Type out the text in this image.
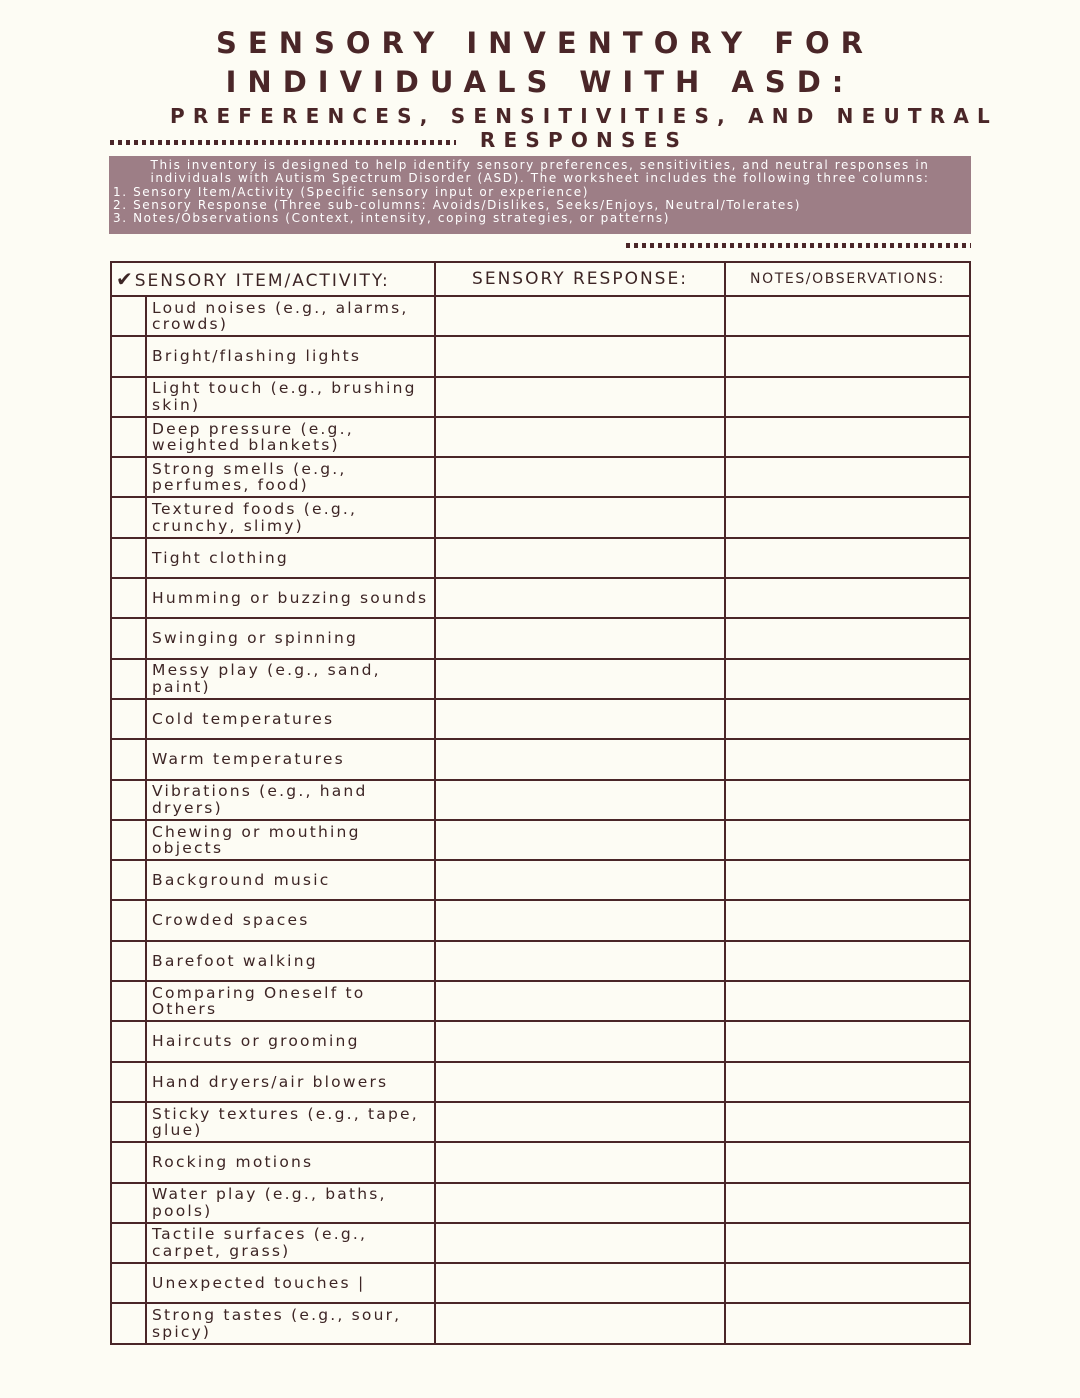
SENSORY INVENTORY FOR
INDIVIDUALS WITH ASD:
PREFERENCES, SENSITIVITIES, AND NEUTRAL RESPONSES
This inventory is designed to help identify sensory preferences, sensitivities, and neutral responses in
individuals with Autism Spectrum Disorder (ASD). The worksheet includes the following three columns:
1. Sensory Item/Activity (Specific sensory input or experience)
2. Sensory Response (Three sub-columns: Avoids/Dislikes, Seeks/Enjoys, Neutral/Tolerates)
3. Notes/Observations (Context, intensity, coping strategies, or patterns)
✔SENSORY ITEM/ACTIVITY:		SENSORY RESPONSE:	NOTES/OBSERVATIONS:
	Loud noises (e.g., alarms, crowds)		
	Bright/flashing lights		
	Light touch (e.g., brushing skin)		
	Deep pressure (e.g., weighted blankets)		
	Strong smells (e.g., perfumes, food)		
	Textured foods (e.g., crunchy, slimy)		
	Tight clothing		
	Humming or buzzing sounds		
	Swinging or spinning		
	Messy play (e.g., sand, paint)		
	Cold temperatures		
	Warm temperatures		
	Vibrations (e.g., hand dryers)		
	Chewing or mouthing objects		
	Background music		
	Crowded spaces		
	Barefoot walking		
	Comparing Oneself to Others		
	Haircuts or grooming		
	Hand dryers/air blowers		
	Sticky textures (e.g., tape, glue)		
	Rocking motions		
	Water play (e.g., baths, pools)		
	Tactile surfaces (e.g., carpet, grass)		
	Unexpected touches |		
	Strong tastes (e.g., sour, spicy)		
